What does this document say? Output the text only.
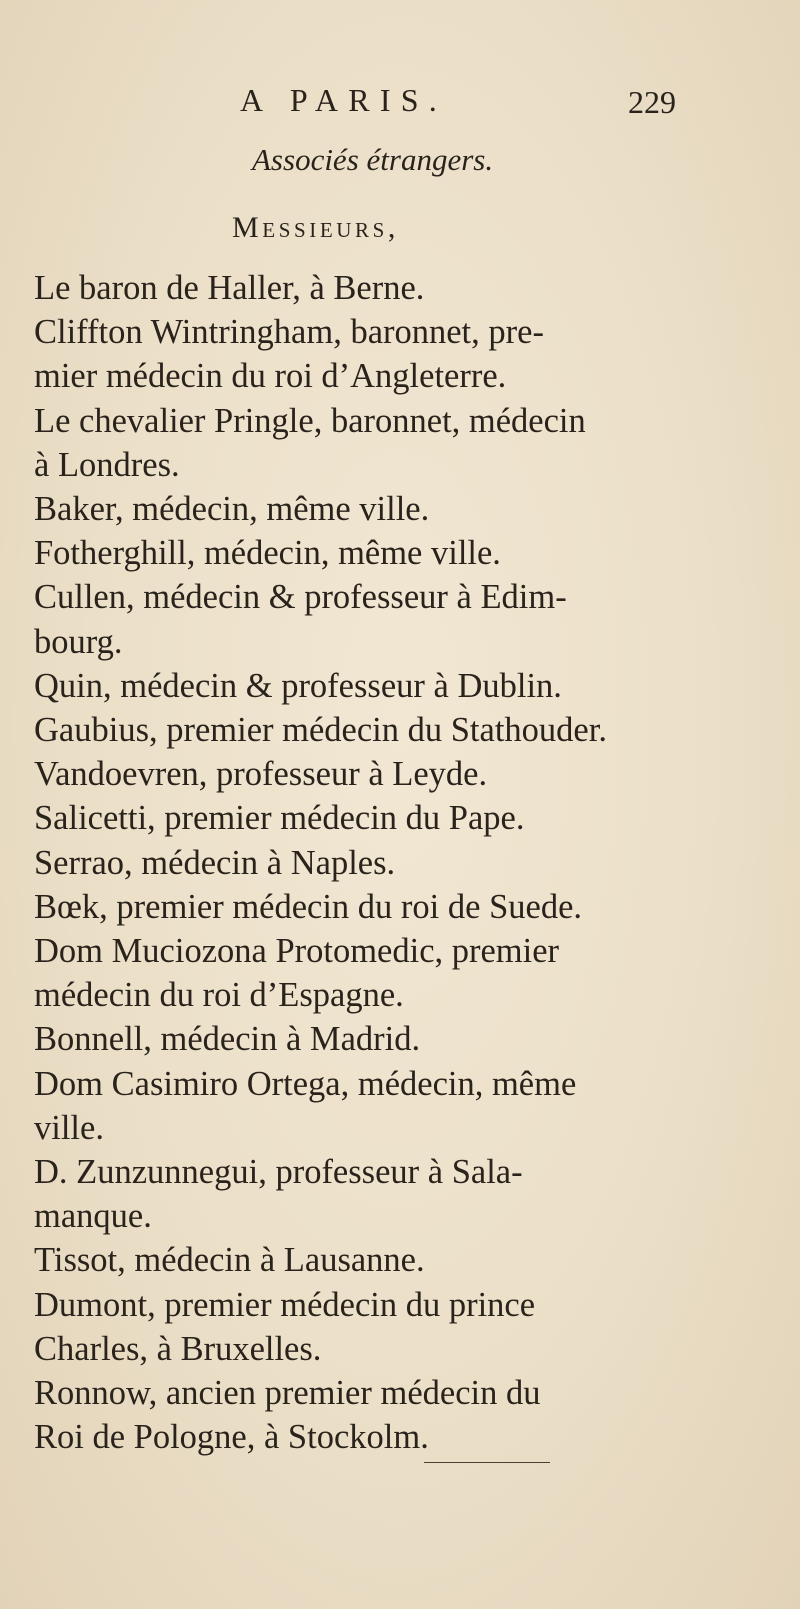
A PARIS.	229
Associés étrangers.
Messieurs,
Le baron de Haller, à Berne.
Cliffton Wintringham, baronnet, pre-
mier médecin du roi d’Angleterre.
Le chevalier Pringle, baronnet, médecin
à Londres.
Baker, médecin, même ville.
Fotherghill, médecin, même ville.
Cullen, médecin & professeur à Edim-
bourg.
Quin, médecin & professeur à Dublin.
Gaubius, premier médecin du Stathouder.
Vandoevren, professeur à Leyde.
Salicetti, premier médecin du Pape.
Serrao, médecin à Naples.
Bœk, premier médecin du roi de Suede.
Dom Muciozona Protomedic, premier
médecin du roi d’Espagne.
Bonnell, médecin à Madrid.
Dom Casimiro Ortega, médecin, même
ville.
D. Zunzunnegui, professeur à Sala-
manque.
Tissot, médecin à Lausanne.
Dumont, premier médecin du prince
Charles, à Bruxelles.
Ronnow, ancien premier médecin du
Roi de Pologne, à Stockolm.
